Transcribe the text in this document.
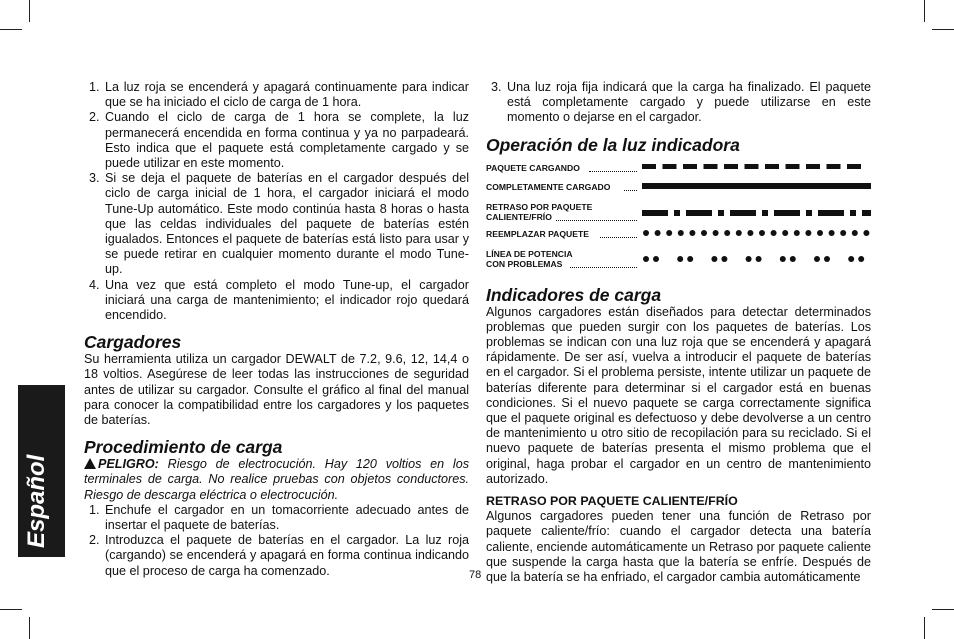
Español
1. La luz roja se encenderá y apagará continuamente para indicar que se ha iniciado el ciclo de carga de 1 hora.
2. Cuando el ciclo de carga de 1 hora se complete, la luz permanecerá encendida en forma continua y ya no parpadeará. Esto indica que el paquete está completamente cargado y se puede utilizar en este momento.
3. Si se deja el paquete de baterías en el cargador después del ciclo de carga inicial de 1 hora, el cargador iniciará el modo Tune-Up automático. Este modo continúa hasta 8 horas o hasta que las celdas individuales del paquete de baterías estén igualados. Entonces el paquete de baterías está listo para usar y se puede retirar en cualquier momento durante el modo Tune-up.
4. Una vez que está completo el modo Tune-up, el cargador iniciará una carga de mantenimiento; el indicador rojo quedará encendido.
Cargadores

Su herramienta utiliza un cargador DEWALT de 7.2, 9.6, 12, 14,4 o 18 voltios. Asegúrese de leer todas las instrucciones de seguridad antes de utilizar su cargador. Consulte el gráfico al final del manual para conocer la compatibilidad entre los cargadores y los paquetes de baterías.

Procedimiento de carga

PELIGRO: Riesgo de electrocución. Hay 120 voltios en los terminales de carga. No realice pruebas con objetos conductores. Riesgo de descarga eléctrica o electrocución.

1. Enchufe el cargador en un tomacorriente adecuado antes de insertar el paquete de baterías.
2. Introduzca el paquete de baterías en el cargador. La luz roja (cargando) se encenderá y apagará en forma continua indicando que el proceso de carga ha comenzado.
3. Una luz roja fija indicará que la carga ha finalizado. El paquete está completamente cargado y puede utilizarse en este momento o dejarse en el cargador.
Operación de la luz indicadora
PAQUETE CARGANDO
COMPLETAMENTE CARGADO
RETRASO POR PAQUETE
CALIENTE/FRÍO
REEMPLAZAR PAQUETE
LÍNEA DE POTENCIA
CON PROBLEMAS
Indicadores de carga

Algunos cargadores están diseñados para detectar determinados problemas que pueden surgir con los paquetes de baterías. Los problemas se indican con una luz roja que se encenderá y apagará rápidamente. De ser así, vuelva a introducir el paquete de baterías en el cargador. Si el problema persiste, intente utilizar un paquete de baterías diferente para determinar si el cargador está en buenas condiciones. Si el nuevo paquete se carga correctamente significa que el paquete original es defectuoso y debe devolverse a un centro de mantenimiento u otro sitio de recopilación para su reciclado. Si el nuevo paquete de baterías presenta el mismo problema que el original, haga probar el cargador en un centro de mantenimiento autorizado.

RETRASO POR PAQUETE CALIENTE/FRÍO

Algunos cargadores pueden tener una función de Retraso por paquete caliente/frío: cuando el cargador detecta una batería caliente, enciende automáticamente un Retraso por paquete caliente que suspende la carga hasta que la batería se enfríe. Después de que la batería se ha enfriado, el cargador cambia automáticamente

78
